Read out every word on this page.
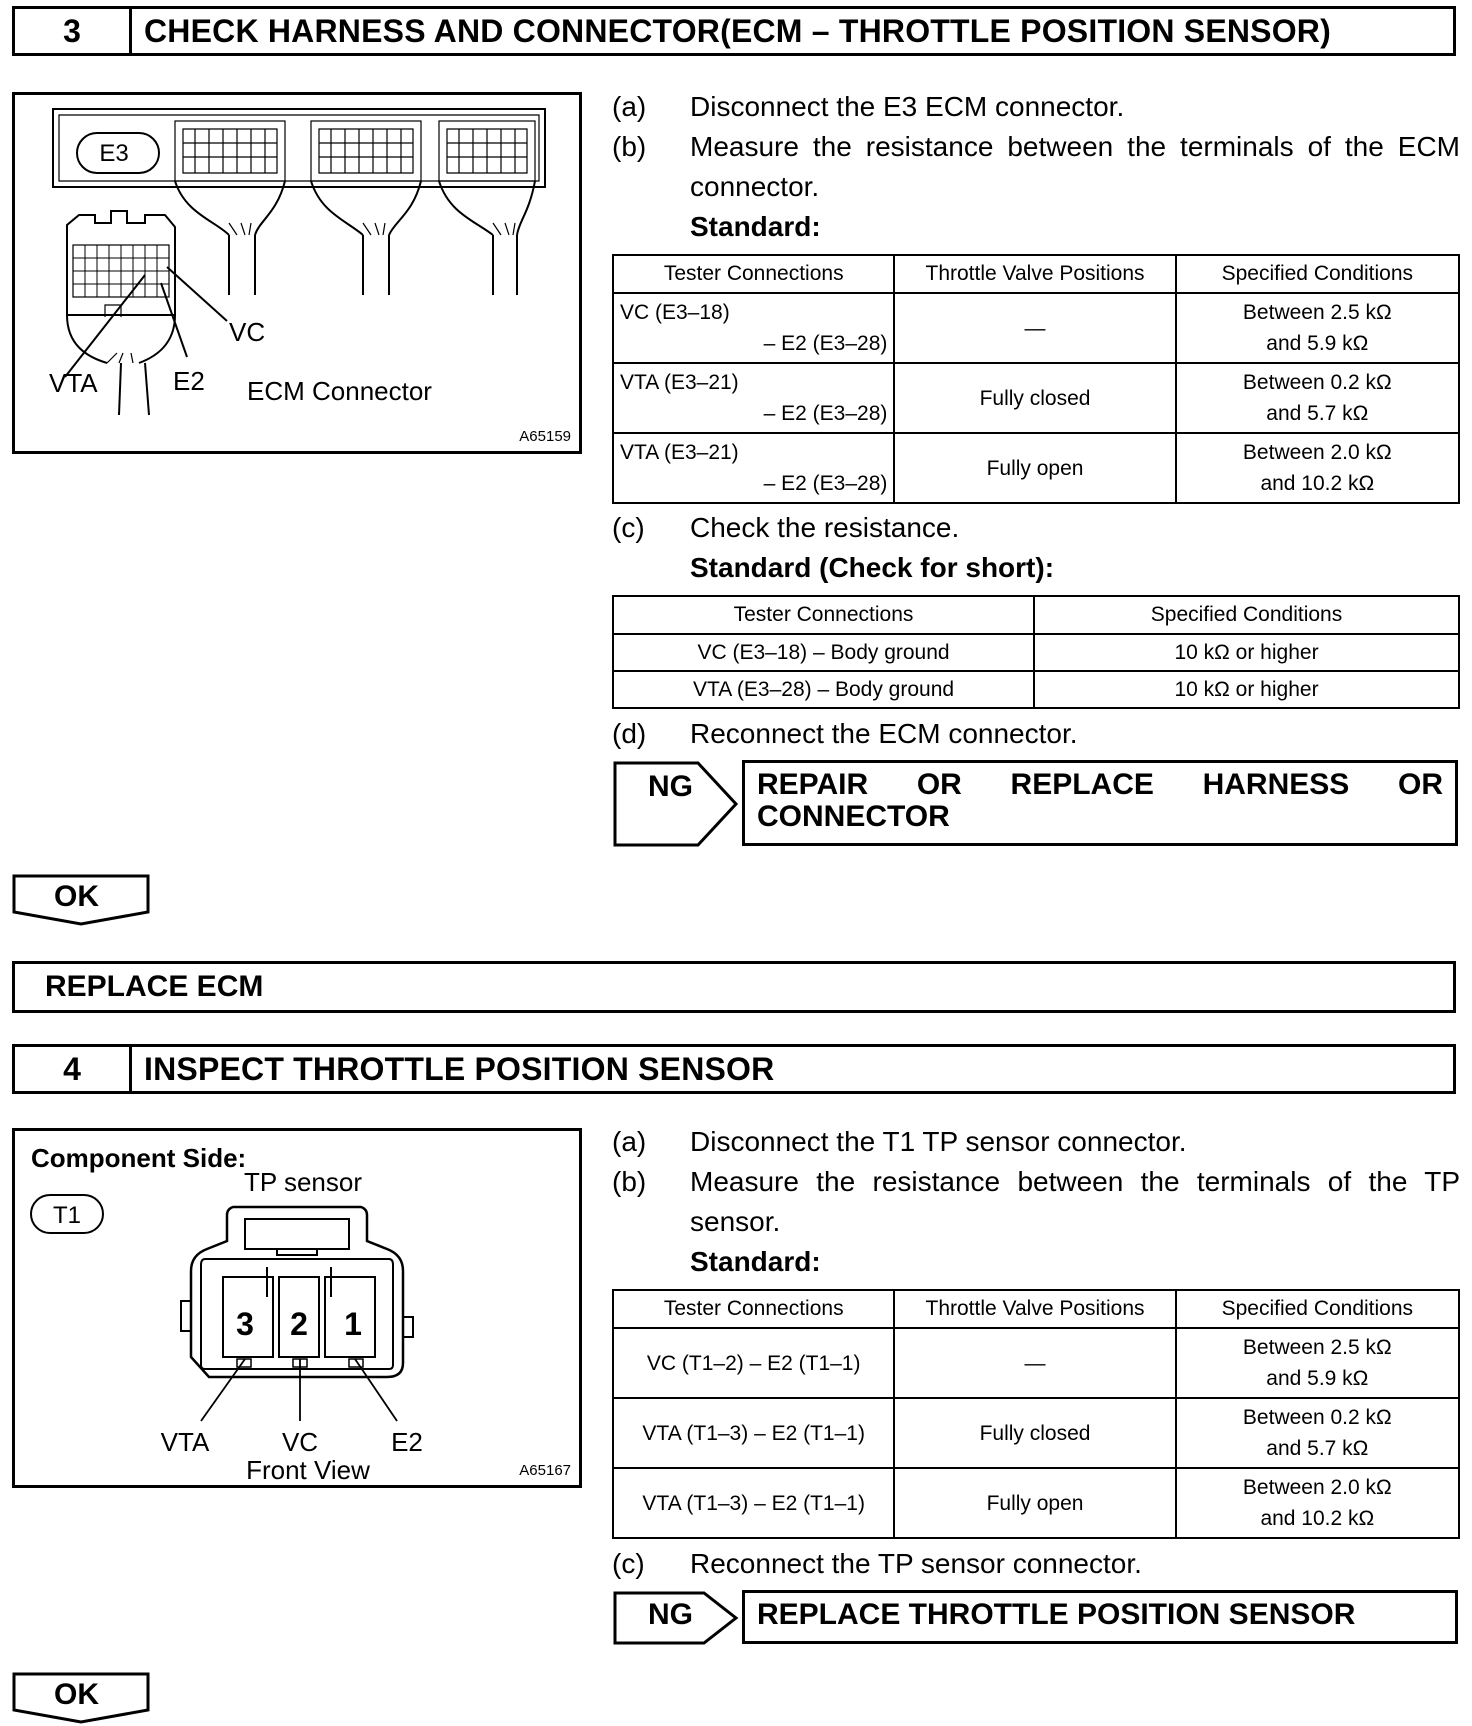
3	CHECK HARNESS AND CONNECTOR(ECM – THROTTLE POSITION SENSOR)
E3
VC
VTA	E2 ECM Connector
A65159
(a) Disconnect the E3 ECM connector.
(b) Measure the resistance between the terminals of the ECM connector.
Standard:
Tester Connections	Throttle Valve Positions	Specified Conditions

VC (E3–18)
– E2 (E3–28)	—	Between 2.5 kΩ
and 5.9 kΩ

VTA (E3–21)
– E2 (E3–28)	Fully closed	Between 0.2 kΩ
and 5.7 kΩ

VTA (E3–21)
– E2 (E3–28)	Fully open	Between 2.0 kΩ
and 10.2 kΩ
(c) Check the resistance.
Standard (Check for short):
Tester Connections	Specified Conditions
VC (E3–18) – Body ground	10 kΩ or higher
VTA (E3–28) – Body ground	10 kΩ or higher
(d) Reconnect the ECM connector.
NG REPAIR OR REPLACE HARNESS OR
CONNECTOR
OK
REPLACE ECM
4	INSPECT THROTTLE POSITION SENSOR
Component Side:
T1
TP sensor
3 2 1
VTA	VC	E2
Front View	A65167
(a) Disconnect the T1 TP sensor connector.
(b) Measure the resistance between the terminals of the TP sensor.
Standard:
Tester Connections	Throttle Valve Positions	Specified Conditions
VC (T1–2) – E2 (T1–1)	—	Between 2.5 kΩ
and 5.9 kΩ

VTA (T1–3) – E2 (T1–1)	Fully closed	Between 0.2 kΩ
and 5.7 kΩ

VTA (T1–3) – E2 (T1–1)	Fully open	Between 2.0 kΩ
and 10.2 kΩ
(c) Reconnect the TP sensor connector.
NG	REPLACE THROTTLE POSITION SENSOR
OK
